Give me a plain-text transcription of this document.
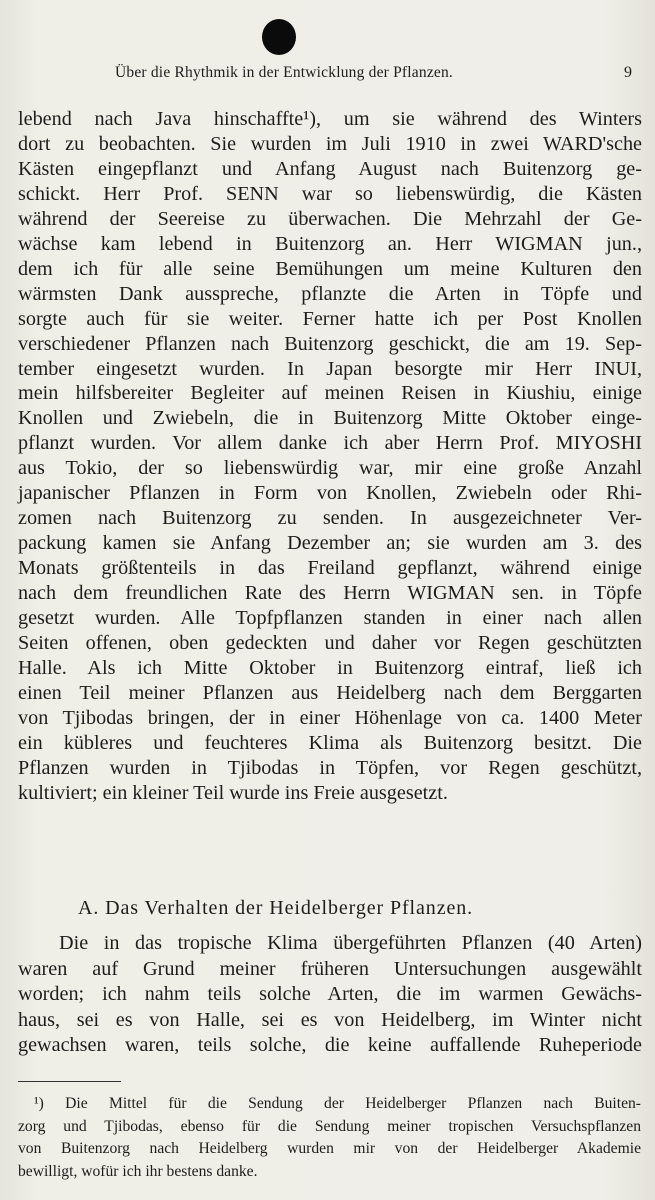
Über die Rhythmik in der Entwicklung der Pflanzen.	9
lebend nach Java hinschaffte¹), um sie während des Winters
dort zu beobachten. Sie wurden im Juli 1910 in zwei WARD'sche
Kästen eingepflanzt und Anfang August nach Buitenzorg ge-
schickt. Herr Prof. SENN war so liebenswürdig, die Kästen
während der Seereise zu überwachen. Die Mehrzahl der Ge-
wächse kam lebend in Buitenzorg an. Herr WIGMAN jun.,
dem ich für alle seine Bemühungen um meine Kulturen den
wärmsten Dank ausspreche, pflanzte die Arten in Töpfe und
sorgte auch für sie weiter. Ferner hatte ich per Post Knollen
verschiedener Pflanzen nach Buitenzorg geschickt, die am 19. Sep-
tember eingesetzt wurden. In Japan besorgte mir Herr INUI,
mein hilfsbereiter Begleiter auf meinen Reisen in Kiushiu, einige
Knollen und Zwiebeln, die in Buitenzorg Mitte Oktober einge-
pflanzt wurden. Vor allem danke ich aber Herrn Prof. MIYOSHI
aus Tokio, der so liebenswürdig war, mir eine große Anzahl
japanischer Pflanzen in Form von Knollen, Zwiebeln oder Rhi-
zomen nach Buitenzorg zu senden. In ausgezeichneter Ver-
packung kamen sie Anfang Dezember an; sie wurden am 3. des
Monats größtenteils in das Freiland gepflanzt, während einige
nach dem freundlichen Rate des Herrn WIGMAN sen. in Töpfe
gesetzt wurden. Alle Topfpflanzen standen in einer nach allen
Seiten offenen, oben gedeckten und daher vor Regen geschützten
Halle. Als ich Mitte Oktober in Buitenzorg eintraf, ließ ich
einen Teil meiner Pflanzen aus Heidelberg nach dem Berggarten
von Tjibodas bringen, der in einer Höhenlage von ca. 1400 Meter
ein kübleres und feuchteres Klima als Buitenzorg besitzt. Die
Pflanzen wurden in Tjibodas in Töpfen, vor Regen geschützt,
kultiviert; ein kleiner Teil wurde ins Freie ausgesetzt.
A. Das Verhalten der Heidelberger Pflanzen.
Die in das tropische Klima übergeführten Pflanzen (40 Arten)
waren auf Grund meiner früheren Untersuchungen ausgewählt
worden; ich nahm teils solche Arten, die im warmen Gewächs-
haus, sei es von Halle, sei es von Heidelberg, im Winter nicht
gewachsen waren, teils solche, die keine auffallende Ruheperiode
¹) Die Mittel für die Sendung der Heidelberger Pflanzen nach Buiten-
zorg und Tjibodas, ebenso für die Sendung meiner tropischen Versuchspflanzen
von Buitenzorg nach Heidelberg wurden mir von der Heidelberger Akademie
bewilligt, wofür ich ihr bestens danke.
